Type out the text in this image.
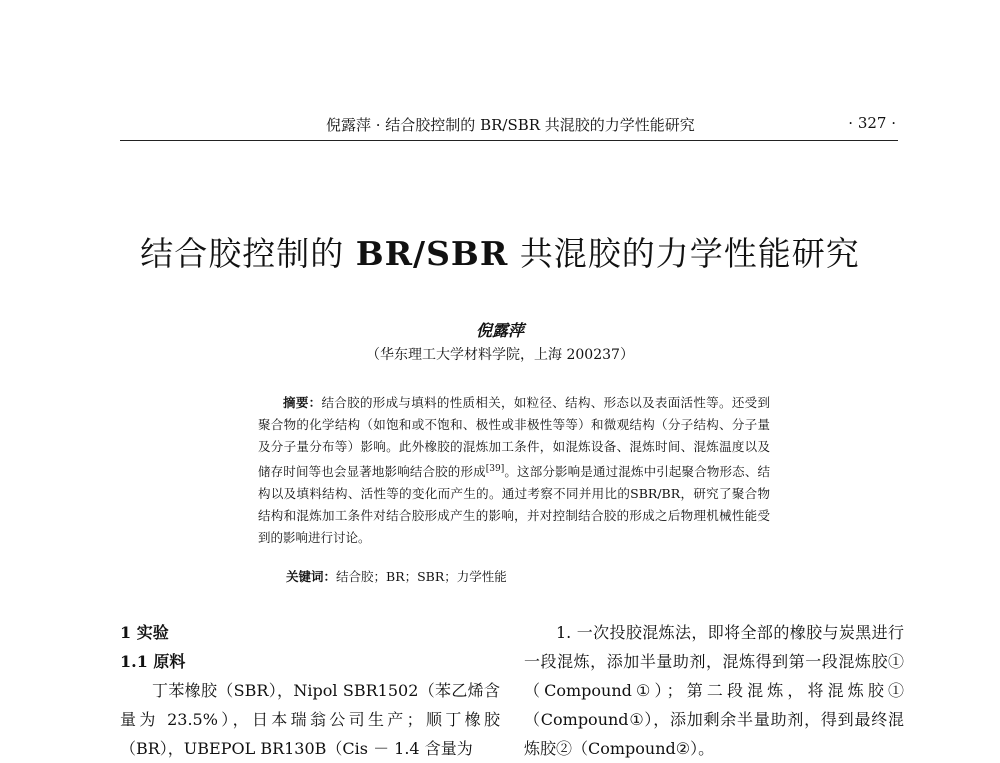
倪露萍 · 结合胶控制的 BR/SBR 共混胶的力学性能研究	· 327 ·
结合胶控制的 BR/SBR 共混胶的力学性能研究
倪露萍
（华东理工大学材料学院，上海 200237）

摘要：结合胶的形成与填料的性质相关，如粒径、结构、形态以及表面活性等。还受到聚合物的化学结构（如饱和或不饱和、极性或非极性等等）和微观结构（分子结构、分子量及分子量分布等）影响。此外橡胶的混炼加工条件，如混炼设备、混炼时间、混炼温度以及储存时间等也会显著地影响结合胶的形成[39]。这部分影响是通过混炼中引起聚合物形态、结构以及填料结构、活性等的变化而产生的。通过考察不同并用比的SBR/BR，研究了聚合物结构和混炼加工条件对结合胶形成产生的影响，并对控制结合胶的形成之后物理机械性能受到的影响进行讨论。

关键词：结合胶；BR；SBR；力学性能
1 实验
1.1 原料

丁苯橡胶（SBR），Nipol SBR1502（苯乙烯含量为 23.5%），日本瑞翁公司生产；顺丁橡胶（BR），UBEPOL BR130B（Cis － 1.4 含量为

1. 一次投胶混炼法，即将全部的橡胶与炭黑进行一段混炼，添加半量助剂，混炼得到第一段混炼胶①（Compound①）；第二段混炼，将混炼胶①（Compound①），添加剩余半量助剂，得到最终混炼胶②（Compound②）。
